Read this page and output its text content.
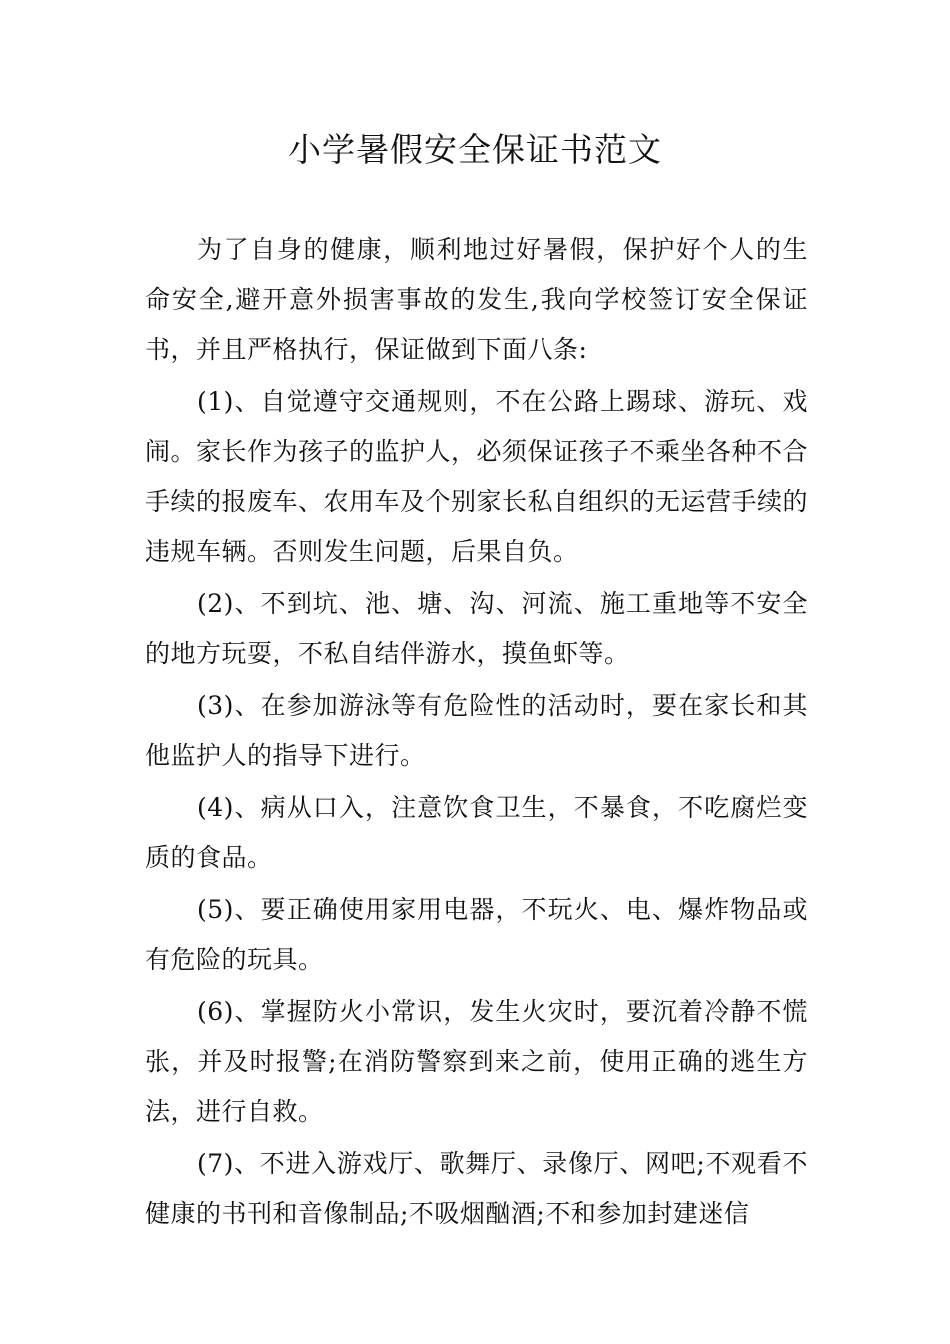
小学暑假安全保证书范文

为了自身的健康，顺利地过好暑假，保护好个人的生命安全,避开意外损害事故的发生,我向学校签订安全保证书，并且严格执行，保证做到下面八条:

(1)、自觉遵守交通规则，不在公路上踢球、游玩、戏闹。家长作为孩子的监护人，必须保证孩子不乘坐各种不合手续的报废车、农用车及个别家长私自组织的无运营手续的违规车辆。否则发生问题，后果自负。

(2)、不到坑、池、塘、沟、河流、施工重地等不安全的地方玩耍，不私自结伴游水，摸鱼虾等。

(3)、在参加游泳等有危险性的活动时，要在家长和其他监护人的指导下进行。

(4)、病从口入，注意饮食卫生，不暴食，不吃腐烂变质的食品。

(5)、要正确使用家用电器，不玩火、电、爆炸物品或有危险的玩具。

(6)、掌握防火小常识，发生火灾时，要沉着冷静不慌张，并及时报警;在消防警察到来之前，使用正确的逃生方法，进行自救。

(7)、不进入游戏厅、歌舞厅、录像厅、网吧;不观看不健康的书刊和音像制品;不吸烟酗酒;不和参加封建迷信
